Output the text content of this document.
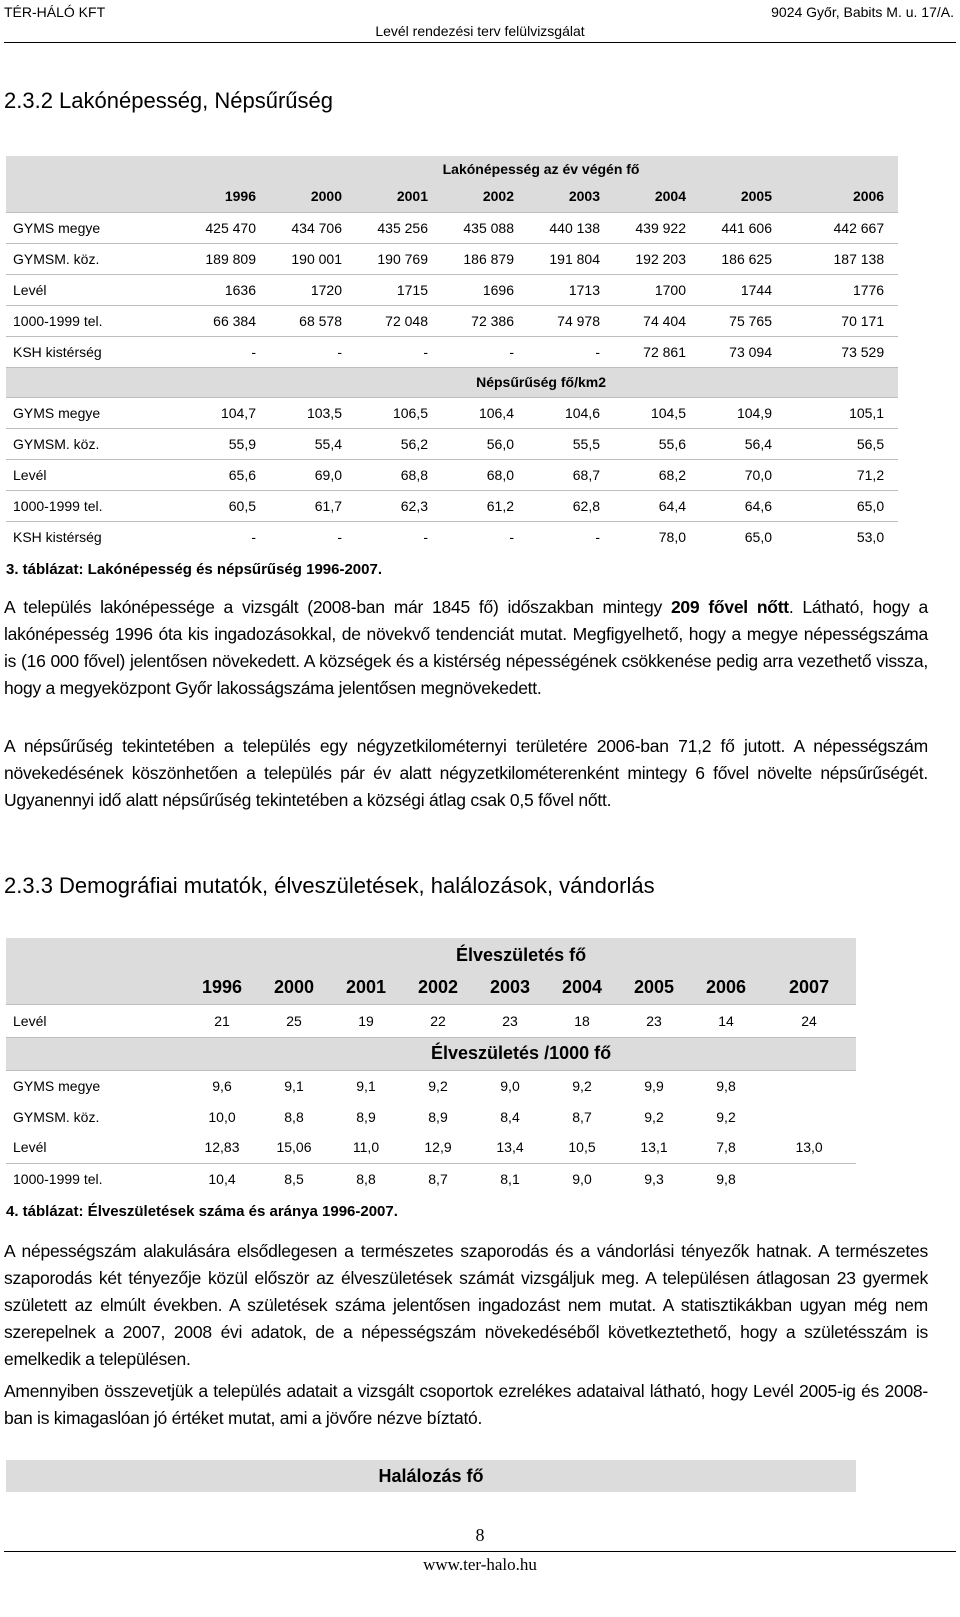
TÉR-HÁLÓ KFT	9024 Győr, Babits M. u. 17/A.
Levél rendezési terv felülvizsgálat
2.3.2 Lakónépesség, Népsűrűség
	Lakónépesség az év végén fő							
	1996	2000	2001	2002	2003	2004	2005	2006
GYMS megye	425 470	434 706	435 256	435 088	440 138	439 922	441 606	442 667
GYMSM. köz.	189 809	190 001	190 769	186 879	191 804	192 203	186 625	187 138
Levél	1636	1720	1715	1696	1713	1700	1744	1776
1000-1999 tel.	66 384	68 578	72 048	72 386	74 978	74 404	75 765	70 171
KSH kistérség	-	-	-	-	-	72 861	73 094	73 529
	Népsűrűség fő/km2							
GYMS megye	104,7	103,5	106,5	106,4	104,6	104,5	104,9	105,1
GYMSM. köz.	55,9	55,4	56,2	56,0	55,5	55,6	56,4	56,5
Levél	65,6	69,0	68,8	68,0	68,7	68,2	70,0	71,2
1000-1999 tel.	60,5	61,7	62,3	61,2	62,8	64,4	64,6	65,0
KSH kistérség	-	-	-	-	-	78,0	65,0	53,0
3. táblázat: Lakónépesség és népsűrűség 1996-2007.
A település lakónépessége a vizsgált (2008-ban már 1845 fő) időszakban mintegy 209 fővel nőtt. Látható, hogy a lakónépesség 1996 óta kis ingadozásokkal, de növekvő tendenciát mutat. Megfigyelhető, hogy a megye népességszáma is (16 000 fővel) jelentősen növekedett. A községek és a kistérség népességének csökkenése pedig arra vezethető vissza, hogy a megyeközpont Győr lakosságszáma jelentősen megnövekedett.
A népsűrűség tekintetében a település egy négyzetkilométernyi területére 2006-ban 71,2 fő jutott. A népességszám növekedésének köszönhetően a település pár év alatt négyzetkilométerenként mintegy 6 fővel növelte népsűrűségét. Ugyanennyi idő alatt népsűrűség tekintetében a községi átlag csak 0,5 fővel nőtt.
2.3.3 Demográfiai mutatók, élveszületések, halálozások, vándorlás
	Élveszületés fő								
	1996	2000	2001	2002	2003	2004	2005	2006	2007
Levél	21	25	19	22	23	18	23	14	24
	Élveszületés /1000 fő								
GYMS megye	9,6	9,1	9,1	9,2	9,0	9,2	9,9	9,8	
GYMSM. köz.	10,0	8,8	8,9	8,9	8,4	8,7	9,2	9,2	
Levél	12,83	15,06	11,0	12,9	13,4	10,5	13,1	7,8	13,0
1000-1999 tel.	10,4	8,5	8,8	8,7	8,1	9,0	9,3	9,8	
4. táblázat: Élveszületések száma és aránya 1996-2007.
A népességszám alakulására elsődlegesen a természetes szaporodás és a vándorlási tényezők hatnak. A természetes szaporodás két tényezője közül először az élveszületések számát vizsgáljuk meg. A településen átlagosan 23 gyermek született az elmúlt években. A születések száma jelentősen ingadozást nem mutat. A statisztikákban ugyan még nem szerepelnek a 2007, 2008 évi adatok, de a népességszám növekedéséből következtethető, hogy a születésszám is emelkedik a településen.
Amennyiben összevetjük a település adatait a vizsgált csoportok ezrelékes adataival látható, hogy Levél 2005-ig és 2008-ban is kimagaslóan jó értéket mutat, ami a jövőre nézve bíztató.
Halálozás fő
8
www.ter-halo.hu
